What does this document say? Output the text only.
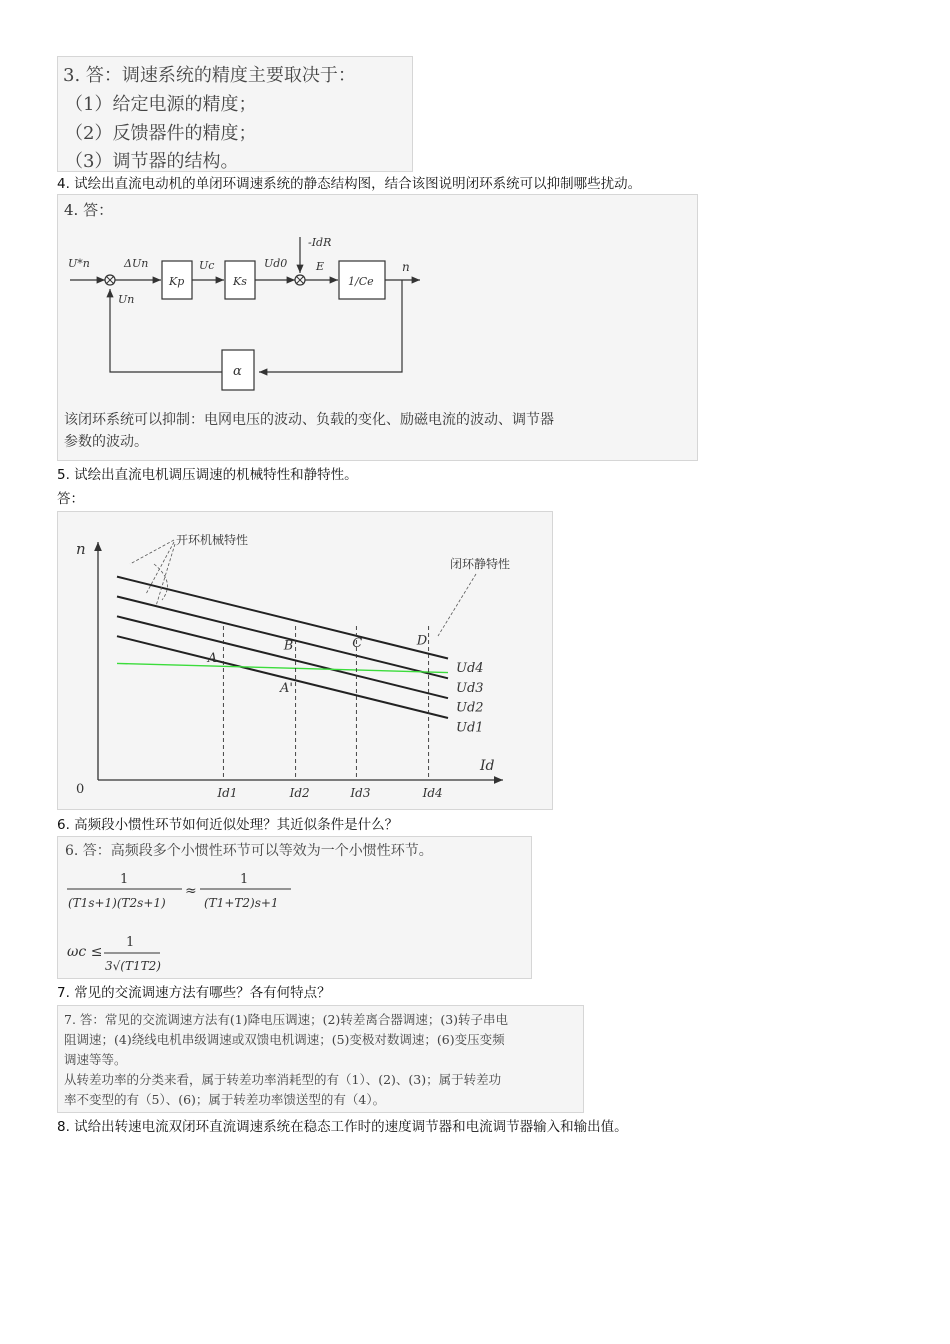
3. 答：调速系统的精度主要取决于：
（1）给定电源的精度；
（2）反馈器件的精度；
（3）调节器的结构。
4. 试绘出直流电动机的单闭环调速系统的静态结构图，结合该图说明闭环系统可以抑制哪些扰动。
4. 答：
U*n	ΔUn
Kp
Uc
Ks
Ud0
-IdR
E
1/Ce
n
α
Un
该闭环系统可以抑制：电网电压的波动、负载的变化、励磁电流的波动、调节器
参数的波动。
5. 试绘出直流电机调压调速的机械特性和静特性。
答：
n
Id
0
Ud4
Ud3
Ud2
Ud1
Id1	Id2	Id3	Id4
A
A'
B	C	D
开环机械特性
闭环静特性
6. 高频段小惯性环节如何近似处理？其近似条件是什么？
6. 答：高频段多个小惯性环节可以等效为一个小惯性环节。
1
(T1s+1)(T2s+1)
≈
1
(T1+T2)s+1
ωc ≤
1
3√(T1T2)
7. 常见的交流调速方法有哪些？各有何特点？
7. 答：常见的交流调速方法有(1)降电压调速；(2)转差离合器调速；(3)转子串电
阻调速；(4)绕线电机串级调速或双馈电机调速；(5)变极对数调速；(6)变压变频
调速等等。
从转差功率的分类来看，属于转差功率消耗型的有（1）、(2)、(3)；属于转差功
率不变型的有（5）、(6)；属于转差功率馈送型的有（4）。
8. 试给出转速电流双闭环直流调速系统在稳态工作时的速度调节器和电流调节器输入和输出值。
